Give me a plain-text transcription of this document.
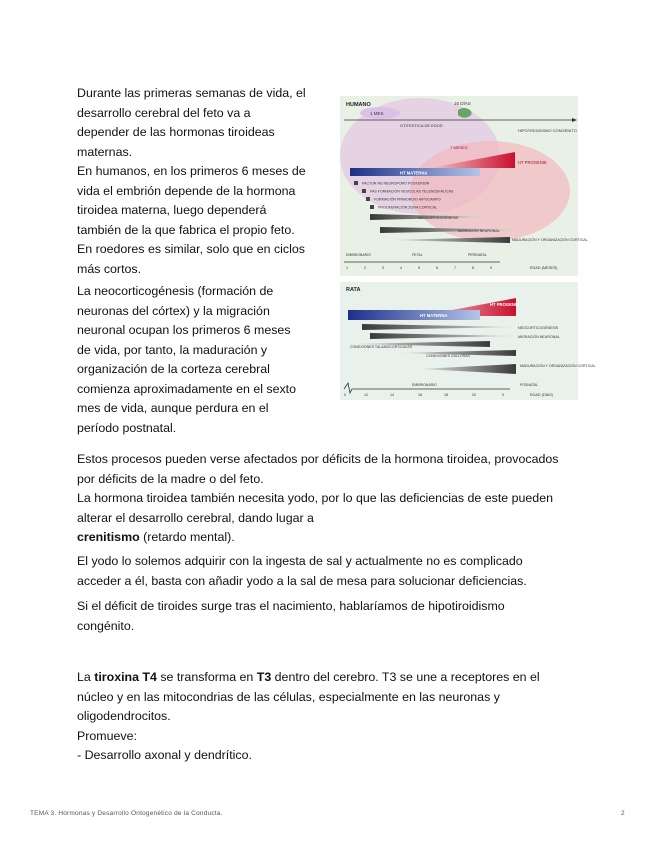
Durante las primeras semanas de vida, el
desarrollo cerebral del feto va a
depender de las hormonas tiroideas
maternas.
En humanos, en los primeros 6 meses de
vida el embrión depende de la hormona
tiroidea materna, luego dependerá
también de la que fabrica el propio feto.
En roedores es similar, solo que en ciclos
más cortos.
La neocorticogénesis (formación de
neuronas del córtex) y la migración
neuronal ocupan los primeros 6 meses
de vida, por tanto, la maduración y
organización de la corteza cerebral
comienza aproximadamente en el sexto
mes de vida, aunque perdura en el
período postnatal.
HUMANO
1 MES
16 DÍAS
OTITESTICA DE EDOD
HIPOTIROIDISMO CONGÉNITO
T MESES
HT PROGENIE
HT MATERNA
FACTOR RE NEUROPORO POSTERIOR
FAS FORMACIÓN VESICULAS TELENCEFÁLICAS
FORMACIÓN PRIMORDIO HIPOCAMPO
PROLIFERACIÓN ZONA CORTICAL
NEOCORTICOGÉNESIS
MIGRACIÓN NEURONAL
MADURACIÓN Y ORGANIZACIÓN CORTICAL
EMBRIONARIO	FETAL	PERINATAL
1	2	3	4	5	6	7	8	9	EDAD (MESES)
RATA
HT PROGENIE
HT MATERNA
NEOCORTICOGÉNESIS
MIGRACIÓN NEURONAL
CONEXIONES TALAMOCORTICALES
CONEXIONES CALLOSAS
MADURACIÓN Y ORGANIZACIÓN CORTICAL
EMBRIONARIO	POSNATAL
0	12	14	16	18	20	0	EDAD (DÍAS)
Estos procesos pueden verse afectados por déficits de la hormona tiroidea, provocados
por déficits de la madre o del feto.
La hormona tiroidea también necesita yodo, por lo que las deficiencias de este pueden
alterar el desarrollo cerebral, dando lugar a
crenitismo (retardo mental).
El yodo lo solemos adquirir con la ingesta de sal y actualmente no es complicado
acceder a él, basta con añadir yodo a la sal de mesa para solucionar deficiencias.
Si el déficit de tiroides surge tras el nacimiento, hablaríamos de hipotiroidismo
congénito.
La tiroxina T4 se transforma en T3 dentro del cerebro. T3 se une a receptores en el
núcleo y en las mitocondrias de las células, especialmente en las neuronas y
oligodendrocitos.
Promueve:
- Desarrollo axonal y dendrítico.
TEMA 3. Hormonas y Desarrollo Ontogenético de la Conducta.	2
